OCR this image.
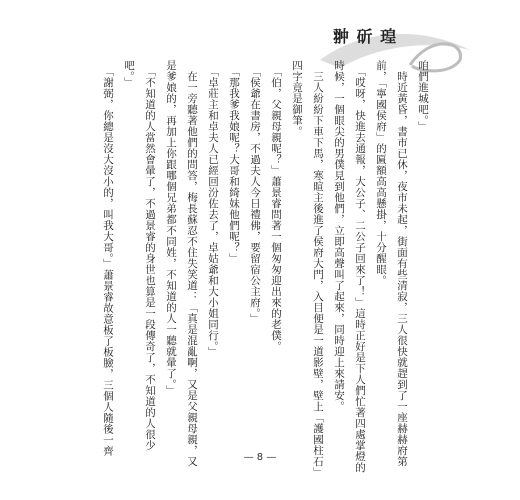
翀 斫 瑝
咱們進城吧。」
　時近黃昏，書市已休，夜市未起，街面有些清寂，三人很快就趕到了一座赫赫府第
前，「寧國侯府」的匾額高高懸掛，十分醒眼。
　「哎呀，快進去通報，大公子、二公子回來了！」這時正好是下人們忙著四處掌燈的
時候，一個眼尖的男僕見到他們，立即高聲叫了起來，同時迎上來請安。
　三人紛紛下車下馬，寒暄主後進了侯府大門，入目便是一道影壁，壁上「護國柱石」
四字竟是御筆。
　「伯，父親母親呢？」蕭景睿問著一個匆匆迎出來的老僕。
　「侯爺在書房，不過夫人今日禮佛，要留宿公主府。」
　「那我爹我娘呢？大哥和綺妹他們呢？」
　「卓莊主和卓夫人已經回汾佐去了，卓姑爺和大小姐同行。」
　在一旁聽著他們的問答，梅長蘇忍不住失笑道：「真是混亂啊，又是父親母親，又
是爹娘的，再加上你跟哪個兄弟都不同姓，不知道的人一聽就暈了。」
　「不知道的人當然會暈了，不過景睿的身世也算是一段傳奇了，不知道的人很少
吧。」
　「謝弼，你總是沒大沒小的，叫我大哥。」蕭景睿故意板了板臉，三個人隨後一齊
— 8 —
